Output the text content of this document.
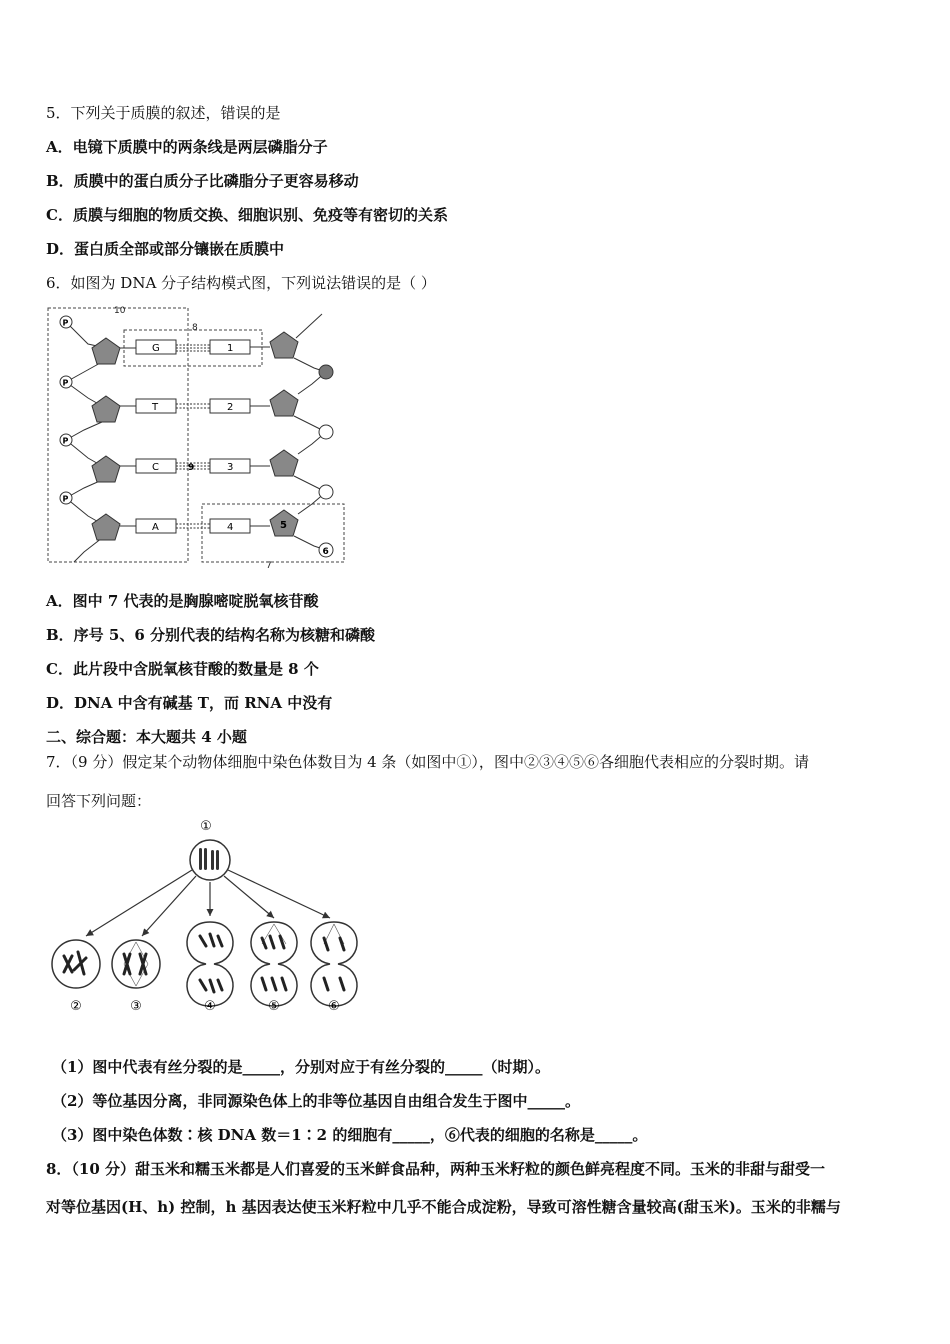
5．下列关于质膜的叙述，错误的是
A．电镜下质膜中的两条线是两层磷脂分子
B．质膜中的蛋白质分子比磷脂分子更容易移动
C．质膜与细胞的物质交换、细胞识别、免疫等有密切的关系
D．蛋白质全部或部分镶嵌在质膜中
6．如图为 DNA 分子结构模式图，下列说法错误的是（ ）
10
8
7
P
P
P
P
G
T
C
A
9
1
2
3
4	5
6
A．图中 7 代表的是胸腺嘧啶脱氧核苷酸
B．序号 5、6 分别代表的结构名称为核糖和磷酸
C．此片段中含脱氧核苷酸的数量是 8 个
D．DNA 中含有碱基 T，而 RNA 中没有
二、综合题：本大题共 4 小题
7．（9 分）假定某个动物体细胞中染色体数目为 4 条（如图中①），图中②③④⑤⑥各细胞代表相应的分裂时期。请
回答下列问题：
①
②	③	④	⑤	⑥
（1）图中代表有丝分裂的是_____，分别对应于有丝分裂的_____（时期）。
（2）等位基因分离，非同源染色体上的非等位基因自由组合发生于图中_____。
（3）图中染色体数∶核 DNA 数＝1∶2 的细胞有_____，⑥代表的细胞的名称是_____。
8．（10 分）甜玉米和糯玉米都是人们喜爱的玉米鲜食品种，两种玉米籽粒的颜色鲜亮程度不同。玉米的非甜与甜受一
对等位基因(H、h) 控制，h 基因表达使玉米籽粒中几乎不能合成淀粉，导致可溶性糖含量较高(甜玉米)。玉米的非糯与
